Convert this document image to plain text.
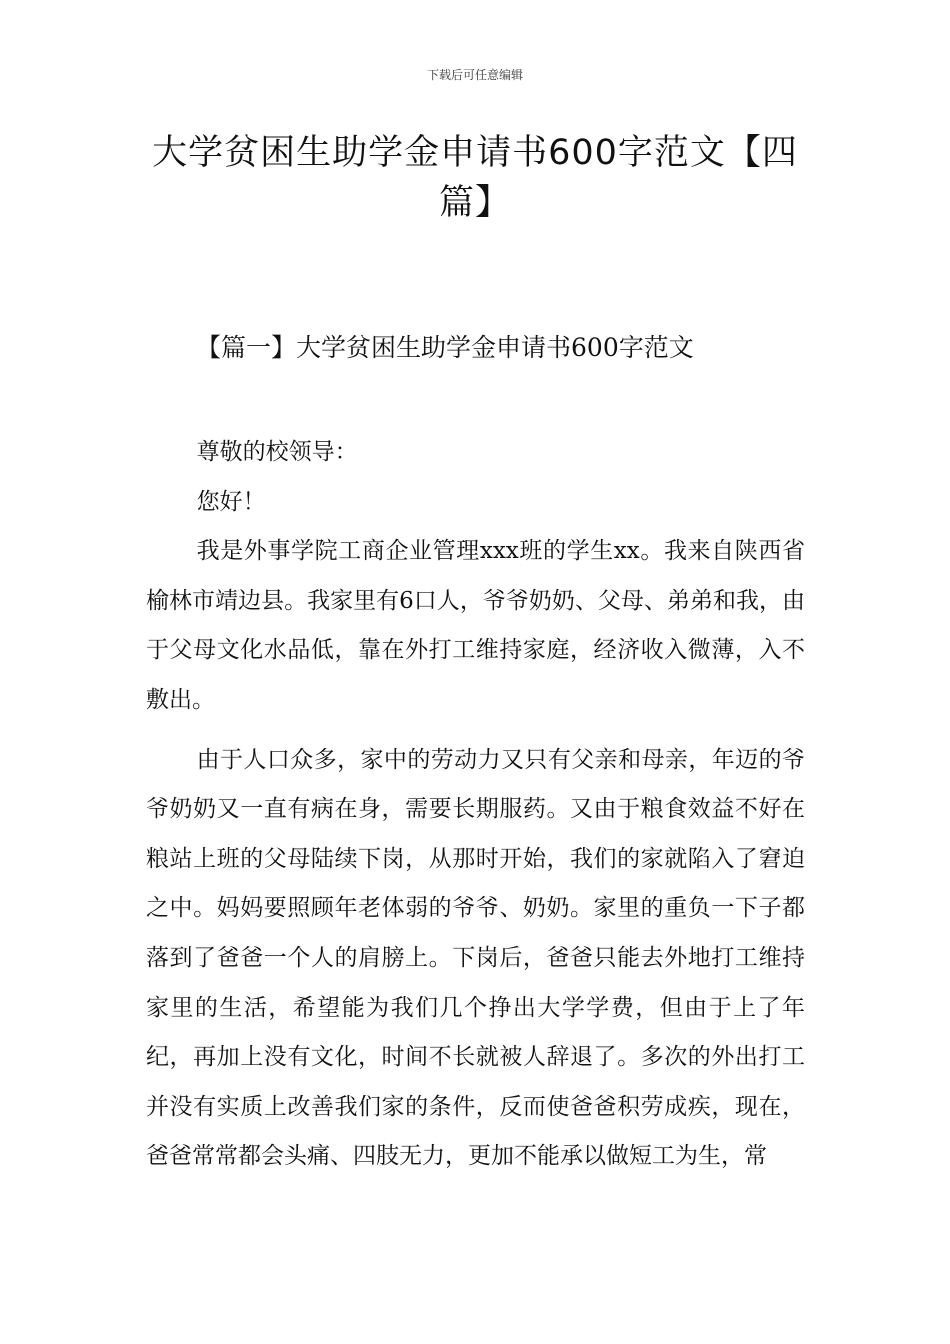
下载后可任意编辑
大学贫困生助学金申请书600字范文【四篇】
【篇一】大学贫困生助学金申请书600字范文

尊敬的校领导：

您好！

我是外事学院工商企业管理xxx班的学生xx。我来自陕西省榆林市靖边县。我家里有6口人，爷爷奶奶、父母、弟弟和我，由于父母文化水品低，靠在外打工维持家庭，经济收入微薄，入不敷出。

由于人口众多，家中的劳动力又只有父亲和母亲，年迈的爷爷奶奶又一直有病在身，需要长期服药。又由于粮食效益不好在粮站上班的父母陆续下岗，从那时开始，我们的家就陷入了窘迫之中。妈妈要照顾年老体弱的爷爷、奶奶。家里的重负一下子都落到了爸爸一个人的肩膀上。下岗后，爸爸只能去外地打工维持家里的生活，希望能为我们几个挣出大学学费，但由于上了年纪，再加上没有文化，时间不长就被人辞退了。多次的外出打工并没有实质上改善我们家的条件，反而使爸爸积劳成疾，现在，爸爸常常都会头痛、四肢无力，更加不能承以做短工为生，常
